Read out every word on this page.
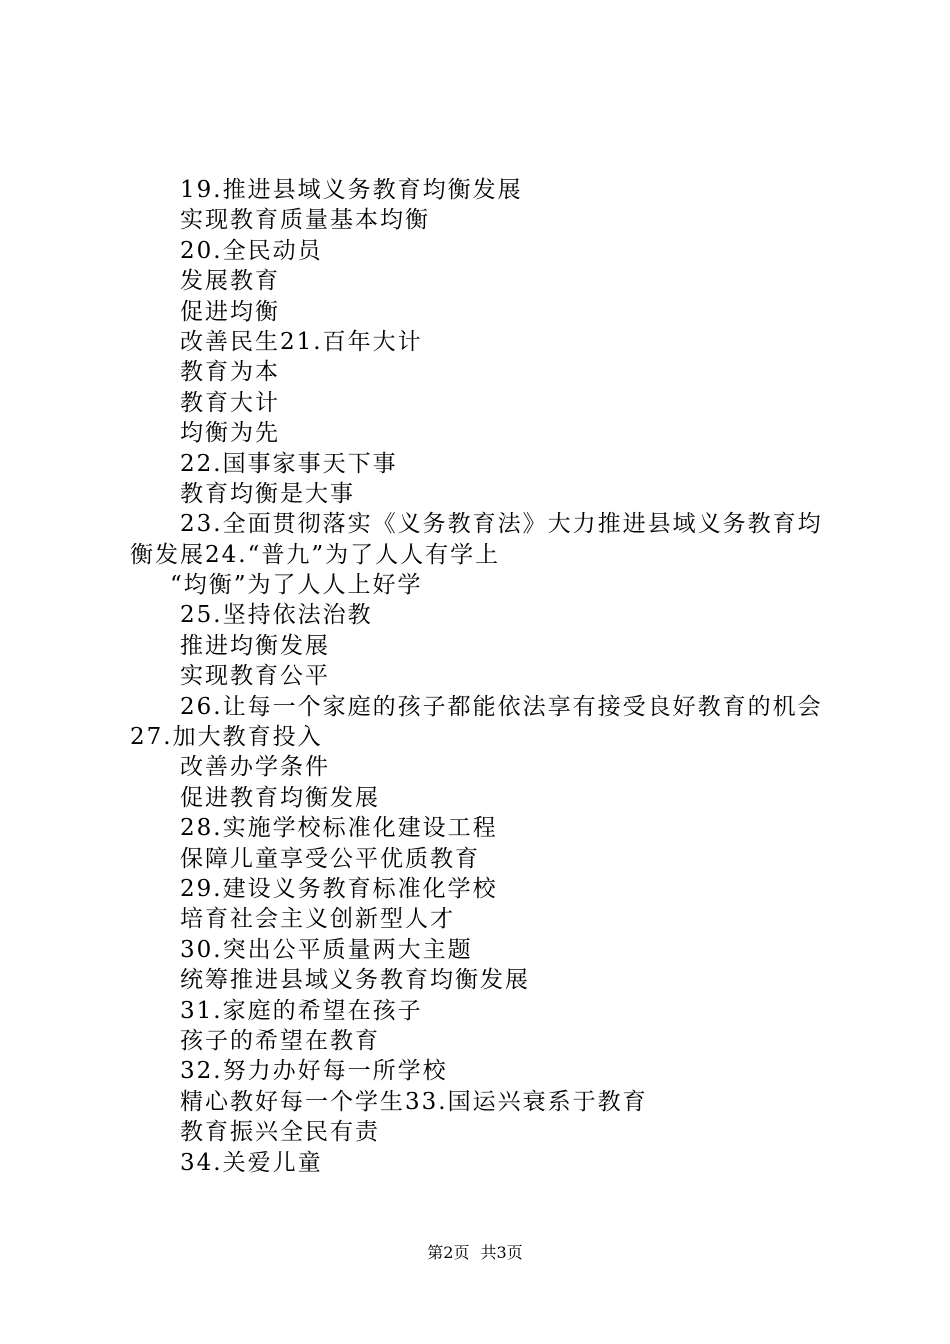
19.推进县域义务教育均衡发展
实现教育质量基本均衡
20.全民动员
发展教育
促进均衡
改善民生21.百年大计
教育为本
教育大计
均衡为先
22.国事家事天下事
教育均衡是大事
23.全面贯彻落实《义务教育法》大力推进县域义务教育均
衡发展24.“普九”为了人人有学上
“均衡”为了人人上好学
25.坚持依法治教
推进均衡发展
实现教育公平
26.让每一个家庭的孩子都能依法享有接受良好教育的机会
27.加大教育投入
改善办学条件
促进教育均衡发展
28.实施学校标准化建设工程
保障儿童享受公平优质教育
29.建设义务教育标准化学校
培育社会主义创新型人才
30.突出公平质量两大主题
统筹推进县域义务教育均衡发展
31.家庭的希望在孩子
孩子的希望在教育
32.努力办好每一所学校
精心教好每一个学生33.国运兴衰系于教育
教育振兴全民有责
34.关爱儿童
第2页 共3页
